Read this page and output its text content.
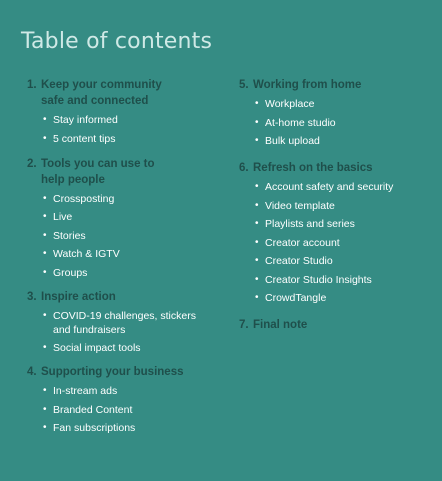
Table of contents
1. Keep your community safe and connected
• Stay informed
• 5 content tips
2. Tools you can use to help people
• Crossposting
• Live
• Stories
• Watch & IGTV
• Groups
3. Inspire action
• COVID-19 challenges, stickers and fundraisers
• Social impact tools
4. Supporting your business
• In-stream ads
• Branded Content
• Fan subscriptions
5. Working from home
• Workplace
• At-home studio
• Bulk upload
6. Refresh on the basics
• Account safety and security
• Video template
• Playlists and series
• Creator account
• Creator Studio
• Creator Studio Insights
• CrowdTangle
7. Final note
